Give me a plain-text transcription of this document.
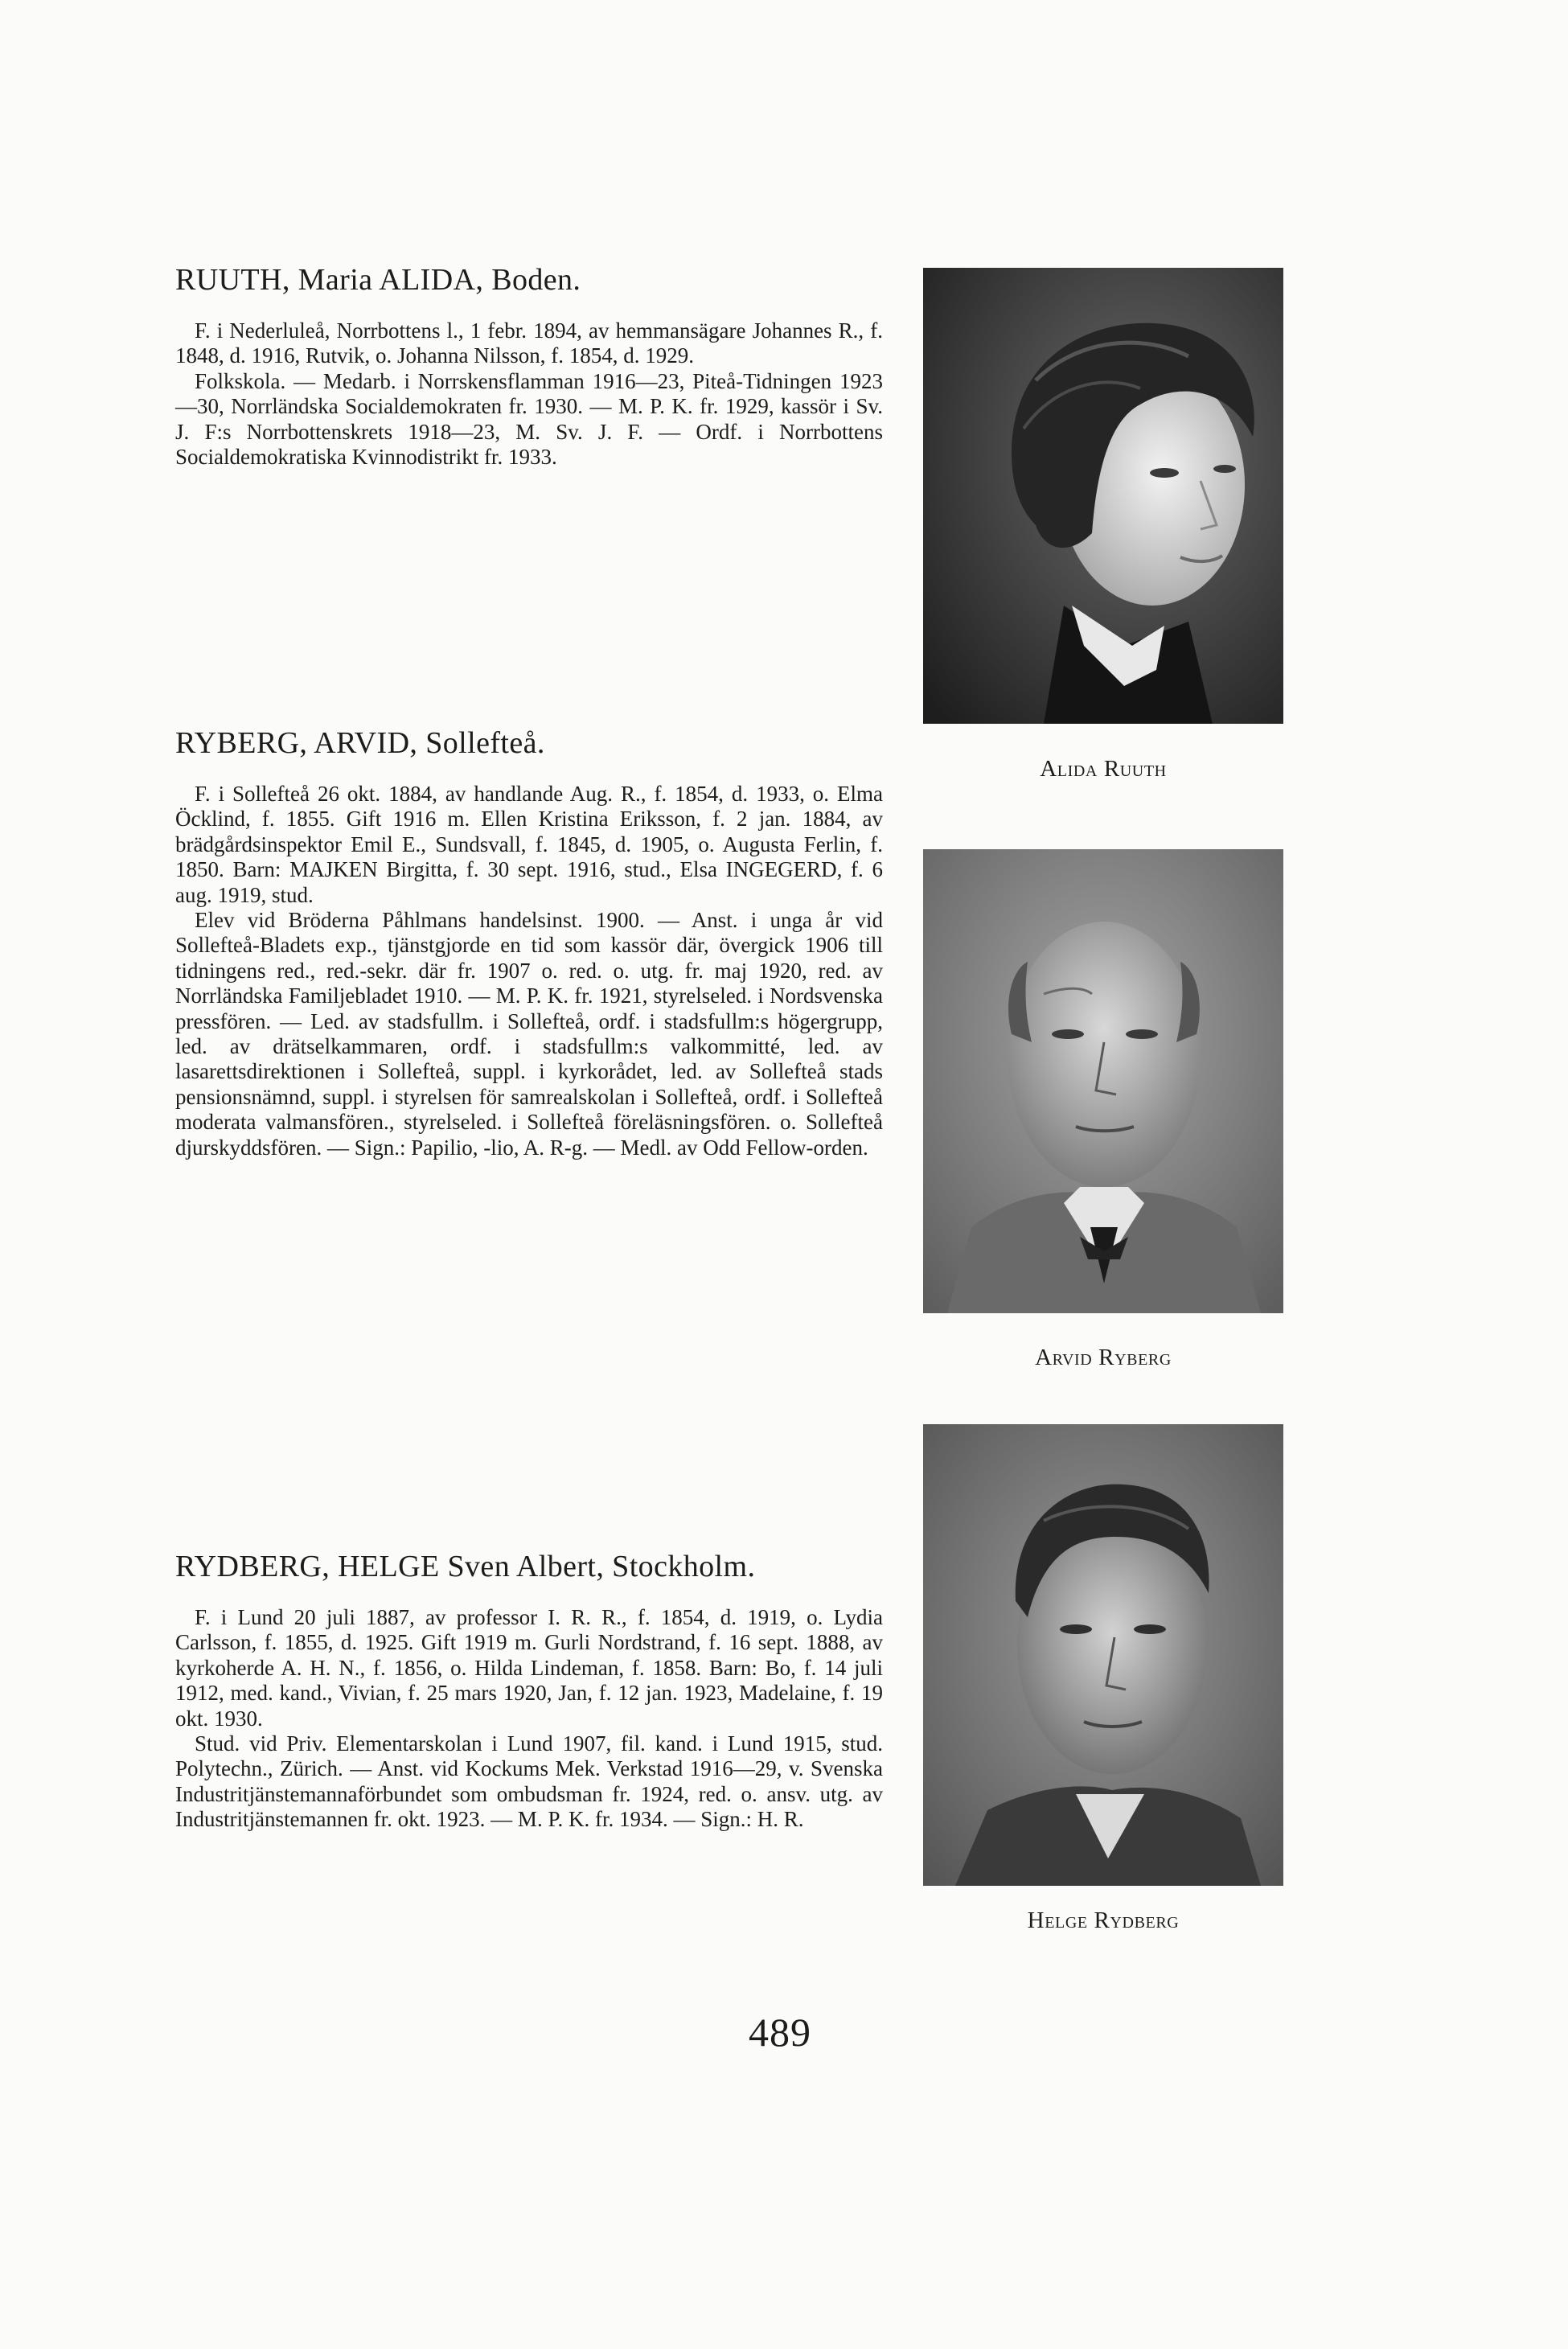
RUUTH, Maria ALIDA, Boden.

F. i Nederluleå, Norrbottens l., 1 febr. 1894, av hemmansägare Johannes R., f. 1848, d. 1916, Rutvik, o. Johanna Nilsson, f. 1854, d. 1929.

Folkskola. — Medarb. i Norrskensflamman 1916—23, Piteå-Tidningen 1923—30, Norrländska Socialdemokraten fr. 1930. — M. P. K. fr. 1929, kassör i Sv. J. F:s Norrbottenskrets 1918—23, M. Sv. J. F. — Ordf. i Norrbottens Socialdemokratiska Kvinnodistrikt fr. 1933.

RYBERG, ARVID, Sollefteå.

F. i Sollefteå 26 okt. 1884, av handlande Aug. R., f. 1854, d. 1933, o. Elma Öcklind, f. 1855. Gift 1916 m. Ellen Kristina Eriksson, f. 2 jan. 1884, av brädgårdsinspektor Emil E., Sundsvall, f. 1845, d. 1905, o. Augusta Ferlin, f. 1850. Barn: MAJKEN Birgitta, f. 30 sept. 1916, stud., Elsa INGEGERD, f. 6 aug. 1919, stud.

Elev vid Bröderna Påhlmans handelsinst. 1900. — Anst. i unga år vid Sollefteå-Bladets exp., tjänstgjorde en tid som kassör där, övergick 1906 till tidningens red., red.-sekr. där fr. 1907 o. red. o. utg. fr. maj 1920, red. av Norrländska Familjebladet 1910. — M. P. K. fr. 1921, styrelseled. i Nordsvenska pressfören. — Led. av stadsfullm. i Sollefteå, ordf. i stadsfullm:s högergrupp, led. av drätselkammaren, ordf. i stadsfullm:s valkommitté, led. av lasarettsdirektionen i Sollefteå, suppl. i kyrkorådet, led. av Sollefteå stads pensionsnämnd, suppl. i styrelsen för samrealskolan i Sollefteå, ordf. i Sollefteå moderata valmansfören., styrelseled. i Sollefteå föreläsningsfören. o. Sollefteå djurskyddsfören. — Sign.: Papilio, -lio, A. R-g. — Medl. av Odd Fellow-orden.

RYDBERG, HELGE Sven Albert, Stockholm.

F. i Lund 20 juli 1887, av professor I. R. R., f. 1854, d. 1919, o. Lydia Carlsson, f. 1855, d. 1925. Gift 1919 m. Gurli Nordstrand, f. 16 sept. 1888, av kyrkoherde A. H. N., f. 1856, o. Hilda Lindeman, f. 1858. Barn: Bo, f. 14 juli 1912, med. kand., Vivian, f. 25 mars 1920, Jan, f. 12 jan. 1923, Madelaine, f. 19 okt. 1930.

Stud. vid Priv. Elementarskolan i Lund 1907, fil. kand. i Lund 1915, stud. Polytechn., Zürich. — Anst. vid Kockums Mek. Verkstad 1916—29, v. Svenska Industritjänstemannaförbundet som ombudsman fr. 1924, red. o. ansv. utg. av Industritjänstemannen fr. okt. 1923. — M. P. K. fr. 1934. — Sign.: H. R.

Alida Ruuth
Arvid Ryberg
Helge Rydberg
489
